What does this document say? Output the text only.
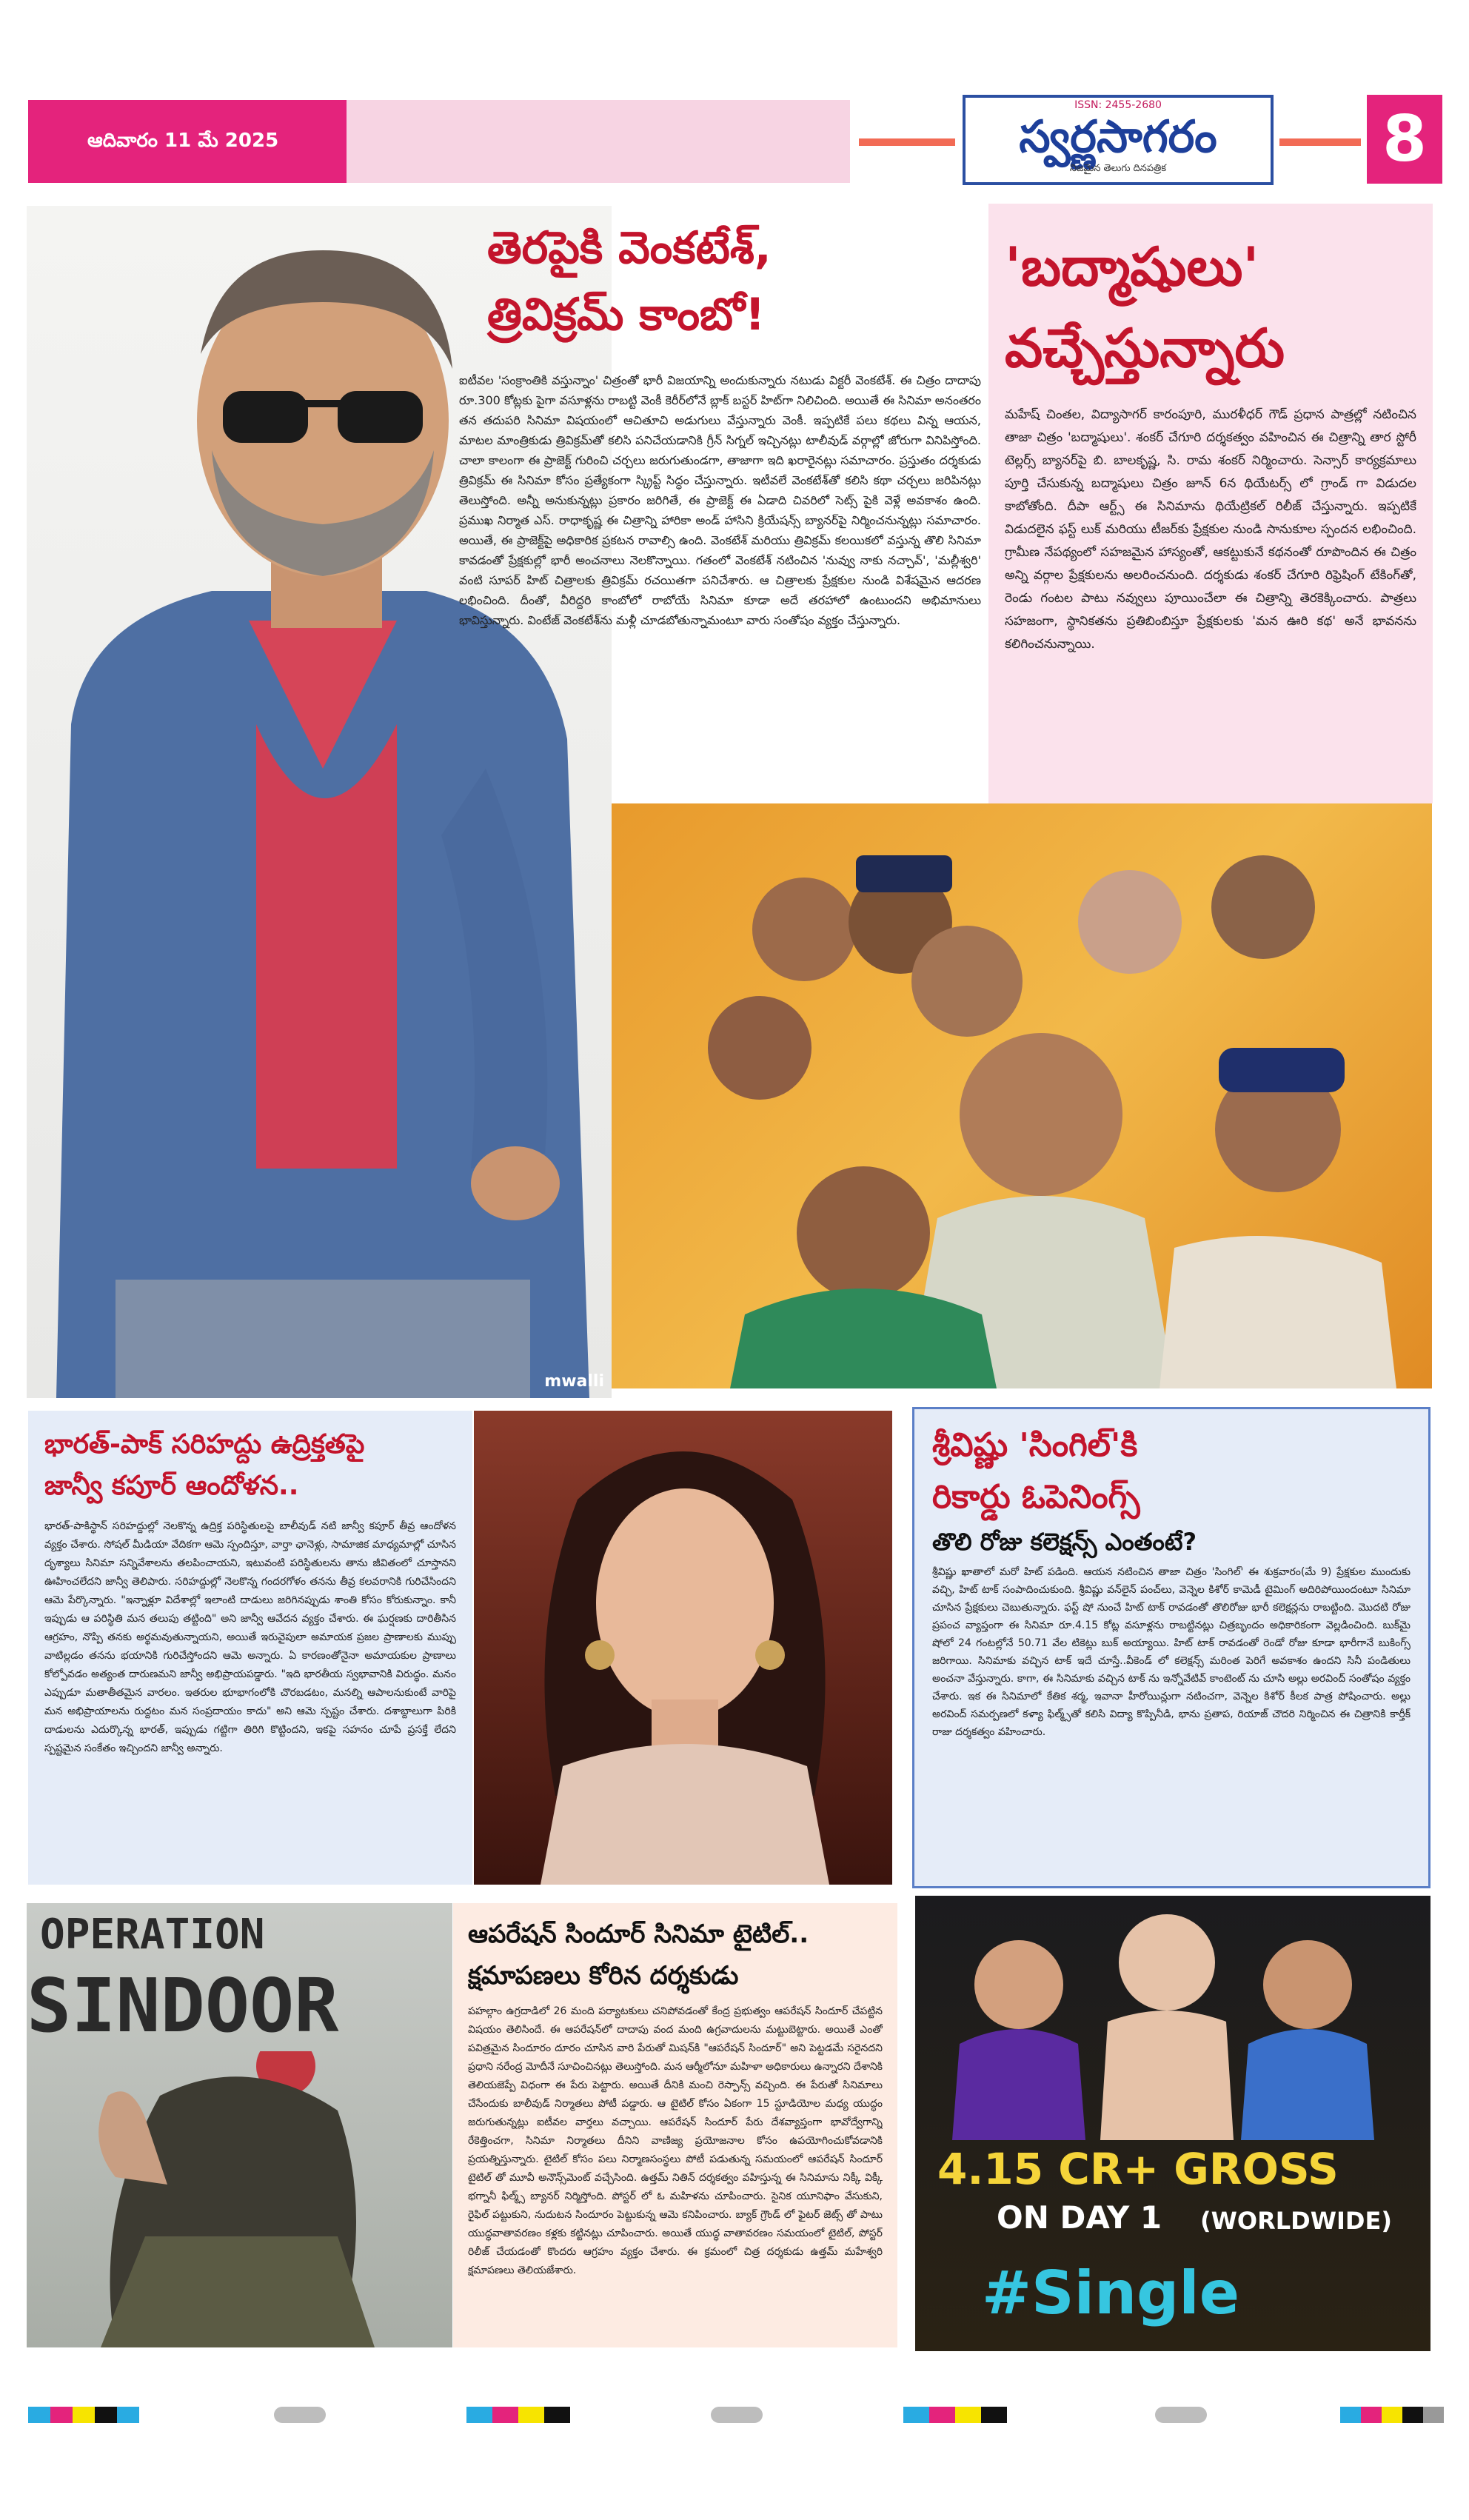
ఆదివారం 11 మే 2025
ISSN: 2455-2680
స్వర్ణసాగరం
నిజమైన తెలుగు దినపత్రిక	8
mwalli
తెరపైకి వెంకటేశ్,
త్రివిక్రమ్ కాంబో!
ఐటీవల 'సంక్రాంతికి వస్తున్నాం' చిత్రంతో భారీ విజయాన్ని అందుకున్నారు నటుడు విక్టరీ వెంకటేశ్. ఈ చిత్రం దాదాపు రూ.300 కోట్లకు పైగా వసూళ్లను రాబట్టి వెంకీ కెరీర్‌లోనే బ్లాక్ బస్టర్ హిట్‌గా నిలిచింది. అయితే ఈ సినిమా అనంతరం తన తదుపరి సినిమా విషయంలో ఆచితూచి అడుగులు వేస్తున్నారు వెంకీ. ఇప్పటికే పలు కథలు విన్న ఆయన, మాటల మాంత్రికుడు త్రివిక్రమ్‌తో కలిసి పనిచేయడానికి గ్రీన్ సిగ్నల్ ఇచ్చినట్లు టాలీవుడ్ వర్గాల్లో జోరుగా వినిపిస్తోంది. చాలా కాలంగా ఈ ప్రాజెక్ట్ గురించి చర్చలు జరుగుతుండగా, తాజాగా ఇది ఖరారైనట్లు సమాచారం. ప్రస్తుతం దర్శకుడు త్రివిక్రమ్ ఈ సినిమా కోసం ప్రత్యేకంగా స్క్రిప్ట్ సిద్ధం చేస్తున్నారు. ఇటీవలే వెంకటేశ్‌తో కలిసి కథా చర్చలు జరిపినట్లు తెలుస్తోంది. అన్నీ అనుకున్నట్లు ప్రకారం జరిగితే, ఈ ప్రాజెక్ట్ ఈ ఏడాది చివరిలో సెట్స్ పైకి వెళ్లే అవకాశం ఉంది. ప్రముఖ నిర్మాత ఎస్. రాధాకృష్ణ ఈ చిత్రాన్ని హారికా అండ్ హాసిని క్రియేషన్స్ బ్యానర్‌పై నిర్మించనున్నట్లు సమాచారం. అయితే, ఈ ప్రాజెక్ట్‌పై అధికారిక ప్రకటన రావాల్సి ఉంది. వెంకటేశ్ మరియు త్రివిక్రమ్ కలయికలో వస్తున్న తొలి సినిమా కావడంతో ప్రేక్షకుల్లో భారీ అంచనాలు నెలకొన్నాయి. గతంలో వెంకటేశ్ నటించిన 'నువ్వు నాకు నచ్చావ్', 'మల్లీశ్వరి' వంటి సూపర్ హిట్ చిత్రాలకు త్రివిక్రమ్ రచయితగా పనిచేశారు. ఆ చిత్రాలకు ప్రేక్షకుల నుండి విశేషమైన ఆదరణ లభించింది. దీంతో, వీరిద్దరి కాంబోలో రాబోయే సినిమా కూడా అదే తరహాలో ఉంటుందని అభిమానులు భావిస్తున్నారు. వింటేజ్ వెంకటేశ్‌ను మళ్లీ చూడబోతున్నామంటూ వారు సంతోషం వ్యక్తం చేస్తున్నారు.
'బద్మాషులు'
వచ్చేస్తున్నారు
మహేష్ చింతల, విద్యాసాగర్ కారంపూరి, మురళీధర్ గౌడ్ ప్రధాన పాత్రల్లో నటించిన తాజా చిత్రం 'బద్మాషులు'. శంకర్ చేగూరి దర్శకత్వం వహించిన ఈ చిత్రాన్ని తార స్టోరీ టెల్లర్స్ బ్యానర్‌పై బి. బాలకృష్ణ, సి. రామ శంకర్ నిర్మించారు. సెన్సార్ కార్యక్రమాలు పూర్తి చేసుకున్న బద్మాషులు చిత్రం జూన్ 6న థియేటర్స్ లో గ్రాండ్ గా విడుదల కాబోతోంది. దీపా ఆర్ట్స్ ఈ సినిమాను థియేట్రికల్ రిలీజ్ చేస్తున్నారు. ఇప్పటికే విడుదలైన ఫస్ట్ లుక్ మరియు టీజర్‌కు ప్రేక్షకుల నుండి సానుకూల స్పందన లభించింది. గ్రామీణ నేపథ్యంలో సహజమైన హాస్యంతో, ఆకట్టుకునే కథనంతో రూపొందిన ఈ చిత్రం అన్ని వర్గాల ప్రేక్షకులను అలరించనుంది. దర్శకుడు శంకర్ చేగూరి రిఫ్రెషింగ్ టేకింగ్‌తో, రెండు గంటల పాటు నవ్వులు పూయించేలా ఈ చిత్రాన్ని తెరకెక్కించారు. పాత్రలు సహజంగా, స్థానికతను ప్రతిబింబిస్తూ ప్రేక్షకులకు 'మన ఊరి కథ' అనే భావనను కలిగించనున్నాయి.
భారత్-పాక్ సరిహద్దు ఉద్రిక్తతపై
జాన్వీ కపూర్ ఆందోళన..
భారత్-పాకిస్థాన్ సరిహద్దుల్లో నెలకొన్న ఉద్రిక్త పరిస్థితులపై బాలీవుడ్ నటి జాన్వీ కపూర్ తీవ్ర ఆందోళన వ్యక్తం చేశారు. సోషల్ మీడియా వేదికగా ఆమె స్పందిస్తూ, వార్తా ఛానెళ్లు, సామాజిక మాధ్యమాల్లో చూసిన దృశ్యాలు సినిమా సన్నివేశాలను తలపించాయని, ఇటువంటి పరిస్థితులను తాను జీవితంలో చూస్తానని ఊహించలేదని జాన్వీ తెలిపారు. సరిహద్దుల్లో నెలకొన్న గందరగోళం తనను తీవ్ర కలవరానికి గురిచేసిందని ఆమె పేర్కొన్నారు. "ఇన్నాళ్లూ విదేశాల్లో ఇలాంటి దాడులు జరిగినప్పుడు శాంతి కోసం కోరుకున్నాం. కానీ ఇప్పుడు ఆ పరిస్థితి మన తలుపు తట్టింది" అని జాన్వీ ఆవేదన వ్యక్తం చేశారు. ఈ ఘర్షణకు దారితీసిన ఆగ్రహం, నొప్పి తనకు అర్థమవుతున్నాయని, అయితే ఇరువైపులా అమాయక ప్రజల ప్రాణాలకు ముప్పు వాటిల్లడం తనను భయానికి గురిచేస్తోందని ఆమె అన్నారు. ఏ కారణంతోనైనా అమాయకుల ప్రాణాలు కోల్పోవడం అత్యంత దారుణమని జాన్వీ అభిప్రాయపడ్డారు. "ఇది భారతీయ స్వభావానికి విరుద్ధం. మనం ఎప్పుడూ మతాతీతమైన వారలం. ఇతరుల భూభాగంలోకి చొరబడటం, మనల్ని ఆపాలనుకుంటే వారిపై మన అభిప్రాయాలను రుద్దటం మన సంప్రదాయం కాదు" అని ఆమె స్పష్టం చేశారు. దశాబ్దాలుగా పిరికి దాడులను ఎదుర్కొన్న భారత్, ఇప్పుడు గట్టిగా తిరిగి కొట్టిందని, ఇకపై సహనం చూపే ప్రసక్తే లేదని స్పష్టమైన సంకేతం ఇచ్చిందని జాన్వీ అన్నారు.
శ్రీవిష్ణు 'సింగిల్'కి
రికార్డు ఓపెనింగ్స్
తొలి రోజు కలెక్షన్స్ ఎంతంటే?
శ్రీవిష్ణు ఖాతాలో మరో హిట్ పడింది. ఆయన నటించిన తాజా చిత్రం 'సింగిల్' ఈ శుక్రవారం(మే 9) ప్రేక్షకుల ముందుకు వచ్చి, హిట్ టాక్ సంపాదించుకుంది. శ్రీవిష్ణు వన్‌లైన్ పంచ్‌లు, వెన్నెల కిశోర్ కామెడీ టైమింగ్ అదిరిపోయిందంటూ సినిమా చూసిన ప్రేక్షకులు చెబుతున్నారు. ఫస్ట్ షో నుంచే హిట్ టాక్ రావడంతో తొలిరోజు భారీ కలెక్షన్లను రాబట్టింది. మొదటి రోజు ప్రపంచ వ్యాప్తంగా ఈ సినిమా రూ.4.15 కోట్ల వసూళ్లను రాబట్టినట్లు చిత్రబృందం అధికారికంగా వెల్లడించింది. బుక్‌మై షోలో 24 గంటల్లోనే 50.71 వేల టికెట్లు బుక్ అయ్యాయి. హిట్ టాక్ రావడంతో రెండో రోజు కూడా భారీగానే బుకింగ్స్ జరిగాయి. సినిమాకు వచ్చిన టాక్ ఇదే చూస్తే..వీకెండ్ లో కలెక్షన్స్ మరింత పెరిగే అవకాశం ఉందని సినీ పండితులు అంచనా వేస్తున్నారు. కాగా, ఈ సినిమాకు వచ్చిన టాక్ ను ఇన్నోవేటివ్ కాంటెంట్ ను చూసి అల్లు అరవింద్ సంతోషం వ్యక్తం చేశారు. ఇక ఈ సినిమాలో కేతిక శర్మ, ఇవానా హీరోయిన్లుగా నటించగా, వెన్నెల కిశోర్ కీలక పాత్ర పోషించారు. అల్లు అరవింద్ సమర్పణలో కళ్యా ఫిల్మ్స్‌తో కలిసి విద్యా కొప్పినీడి, భాను ప్రతాప, రియాజ్ చౌదరి నిర్మించిన ఈ చిత్రానికి కార్తీక్ రాజు దర్శకత్వం వహించారు.
OPERATION
SINDOOR
ఆపరేషన్ సిందూర్ సినిమా టైటిల్..
క్షమాపణలు కోరిన దర్శకుడు
పహల్గాం ఉగ్రదాడిలో 26 మంది పర్యాటకులు చనిపోవడంతో కేంద్ర ప్రభుత్వం ఆపరేషన్ సిందూర్ చేపట్టిన విషయం తెలిసిందే. ఈ ఆపరేషన్‌లో దాదాపు వంద మంది ఉగ్రవాదులను మట్టుబెట్టారు. అయితే ఎంతో పవిత్రమైన సిందూరం దూరం చూసిన వారి పేరుతో మిషన్‌కి "ఆపరేషన్ సిందూర్" అని పెట్టడమే సరైనదని ప్రధాని నరేంద్ర మోదీనే సూచించినట్లు తెలుస్తోంది. మన ఆర్మీలోనూ మహిళా అధికారులు ఉన్నారని దేశానికి తెలియజెప్పే విధంగా ఈ పేరు పెట్టారు. అయితే దీనికి మంచి రెస్పాన్స్ వచ్చింది. ఈ పేరుతో సినిమాలు చేసేందుకు బాలీవుడ్ నిర్మాతలు పోటీ పడ్డారు. ఆ టైటిల్ కోసం ఏకంగా 15 స్టూడియోల మధ్య యుద్ధం జరుగుతున్నట్లు ఐటీవల వార్తలు వచ్చాయి. ఆపరేషన్ సిందూర్ పేరు దేశవ్యాప్తంగా భావోద్వేగాన్ని రేకెత్తించగా, సినిమా నిర్మాతలు దీనిని వాణిజ్య ప్రయోజనాల కోసం ఉపయోగించుకోవడానికి ప్రయత్నిస్తున్నారు. టైటిల్ కోసం పలు నిర్మాణసంస్థలు పోటీ పడుతున్న సమయంలో ఆపరేషన్ సిందూర్ టైటిల్ తో మూవీ అనౌన్స్‌మెంట్ వచ్చేసింది. ఉత్తమ్ నితిన్ దర్శకత్వం వహిస్తున్న ఈ సినిమాను నిక్కీ విక్కీ భగ్నానీ ఫిల్మ్స్ బ్యానర్ నిర్మిస్తోంది. పోస్టర్ లో ఓ మహిళను చూపించారు. సైనిక యూనిఫాం వేసుకుని, రైఫిల్ పట్టుకుని, నుదుటన సిందూరం పెట్టుకున్న ఆమె కనిపించారు. బ్యాక్ గ్రౌండ్ లో ఫైటర్ జెట్స్ తో పాటు యుద్ధవాతావరణం కళ్లకు కట్టినట్లు చూపించారు. అయితే యుద్ధ వాతావరణం సమయంలో టైటిల్, పోస్టర్ రిలీజ్ చేయడంతో కొందరు ఆగ్రహం వ్యక్తం చేశారు. ఈ క్రమంలో చిత్ర దర్శకుడు ఉత్తమ్ మహేశ్వరి క్షమాపణలు తెలియజేశారు.
4.15 CR+ GROSS
ON DAY 1 (WORLDWIDE)
#Single
